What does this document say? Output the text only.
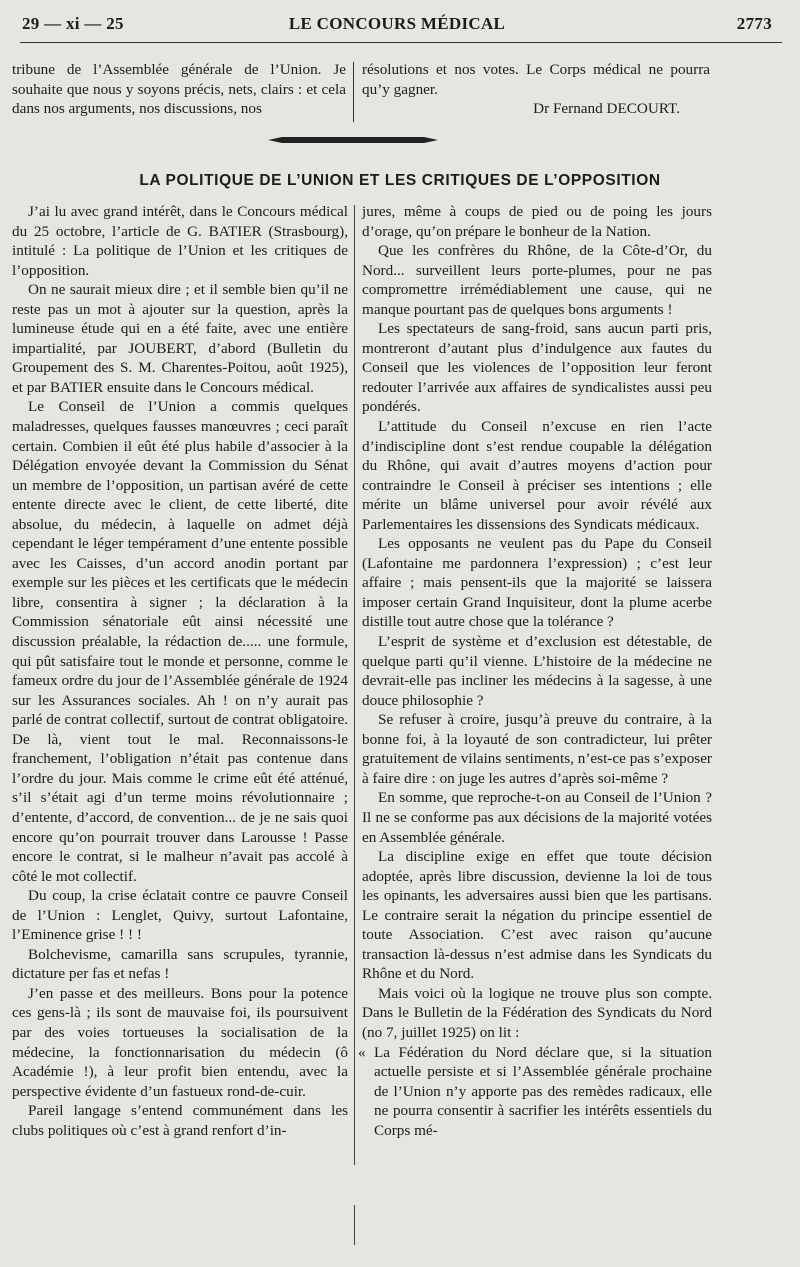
29 — xi — 25	LE CONCOURS MÉDICAL	2773

tribune de l’Assemblée générale de l’Union. Je souhaite que nous y soyons précis, nets, clairs : et cela dans nos arguments, nos discussions, nos

résolutions et nos votes. Le Corps médical ne pourra qu’y gagner.

Dr Fernand DECOURT.

LA POLITIQUE DE L’UNION ET LES CRITIQUES DE L’OPPOSITION

J’ai lu avec grand intérêt, dans le Concours médical du 25 octobre, l’article de G. BATIER (Strasbourg), intitulé : La politique de l’Union et les critiques de l’opposition.

On ne saurait mieux dire ; et il semble bien qu’il ne reste pas un mot à ajouter sur la question, après la lumineuse étude qui en a été faite, avec une entière impartialité, par JOUBERT, d’abord (Bulletin du Groupement des S. M. Charentes-Poitou, août 1925), et par BATIER ensuite dans le Concours médical.

Le Conseil de l’Union a commis quelques maladresses, quelques fausses manœuvres ; ceci paraît certain. Combien il eût été plus habile d’associer à la Délégation envoyée devant la Commission du Sénat un membre de l’opposition, un partisan avéré de cette entente directe avec le client, de cette liberté, dite absolue, du médecin, à laquelle on admet déjà cependant le léger tempérament d’une entente possible avec les Caisses, d’un accord anodin portant par exemple sur les pièces et les certificats que le médecin libre, consentira à signer ; la déclaration à la Commission sénatoriale eût ainsi nécessité une discussion préalable, la rédaction de..... une formule, qui pût satisfaire tout le monde et personne, comme le fameux ordre du jour de l’Assemblée générale de 1924 sur les Assurances sociales. Ah ! on n’y aurait pas parlé de contrat collectif, surtout de contrat obligatoire. De là, vient tout le mal. Reconnaissons-le franchement, l’obligation n’était pas contenue dans l’ordre du jour. Mais comme le crime eût été atténué, s’il s’était agi d’un terme moins révolutionnaire ; d’entente, d’accord, de convention... de je ne sais quoi encore qu’on pourrait trouver dans Larousse ! Passe encore le contrat, si le malheur n’avait pas accolé à côté le mot collectif.

Du coup, la crise éclatait contre ce pauvre Conseil de l’Union : Lenglet, Quivy, surtout Lafontaine, l’Eminence grise ! ! !

Bolchevisme, camarilla sans scrupules, tyrannie, dictature per fas et nefas !

J’en passe et des meilleurs. Bons pour la potence ces gens-là ; ils sont de mauvaise foi, ils poursuivent par des voies tortueuses la socialisation de la médecine, la fonctionnarisation du médecin (ô Académie !), à leur profit bien entendu, avec la perspective évidente d’un fastueux rond-de-cuir.

Pareil langage s’entend communément dans les clubs politiques où c’est à grand renfort d’in-

jures, même à coups de pied ou de poing les jours d’orage, qu’on prépare le bonheur de la Nation.

Que les confrères du Rhône, de la Côte-d’Or, du Nord... surveillent leurs porte-plumes, pour ne pas compromettre irrémédiablement une cause, qui ne manque pourtant pas de quelques bons arguments !

Les spectateurs de sang-froid, sans aucun parti pris, montreront d’autant plus d’indulgence aux fautes du Conseil que les violences de l’opposition leur feront redouter l’arrivée aux affaires de syndicalistes aussi peu pondérés.

L’attitude du Conseil n’excuse en rien l’acte d’indiscipline dont s’est rendue coupable la délégation du Rhône, qui avait d’autres moyens d’action pour contraindre le Conseil à préciser ses intentions ; elle mérite un blâme universel pour avoir révélé aux Parlementaires les dissensions des Syndicats médicaux.

Les opposants ne veulent pas du Pape du Conseil (Lafontaine me pardonnera l’expression) ; c’est leur affaire ; mais pensent-ils que la majorité se laissera imposer certain Grand Inquisiteur, dont la plume acerbe distille tout autre chose que la tolérance ?

L’esprit de système et d’exclusion est détestable, de quelque parti qu’il vienne. L’histoire de la médecine ne devrait-elle pas incliner les médecins à la sagesse, à une douce philosophie ?

Se refuser à croire, jusqu’à preuve du contraire, à la bonne foi, à la loyauté de son contradicteur, lui prêter gratuitement de vilains sentiments, n’est-ce pas s’exposer à faire dire : on juge les autres d’après soi-même ?

En somme, que reproche-t-on au Conseil de l’Union ? Il ne se conforme pas aux décisions de la majorité votées en Assemblée générale.

La discipline exige en effet que toute décision adoptée, après libre discussion, devienne la loi de tous les opinants, les adversaires aussi bien que les partisans. Le contraire serait la négation du principe essentiel de toute Association. C’est avec raison qu’aucune transaction là-dessus n’est admise dans les Syndicats du Rhône et du Nord.

Mais voici où la logique ne trouve plus son compte. Dans le Bulletin de la Fédération des Syndicats du Nord (no 7, juillet 1925) on lit :

« La Fédération du Nord déclare que, si la situation actuelle persiste et si l’Assemblée générale prochaine de l’Union n’y apporte pas des remèdes radicaux, elle ne pourra consentir à sacrifier les intérêts essentiels du Corps mé-
